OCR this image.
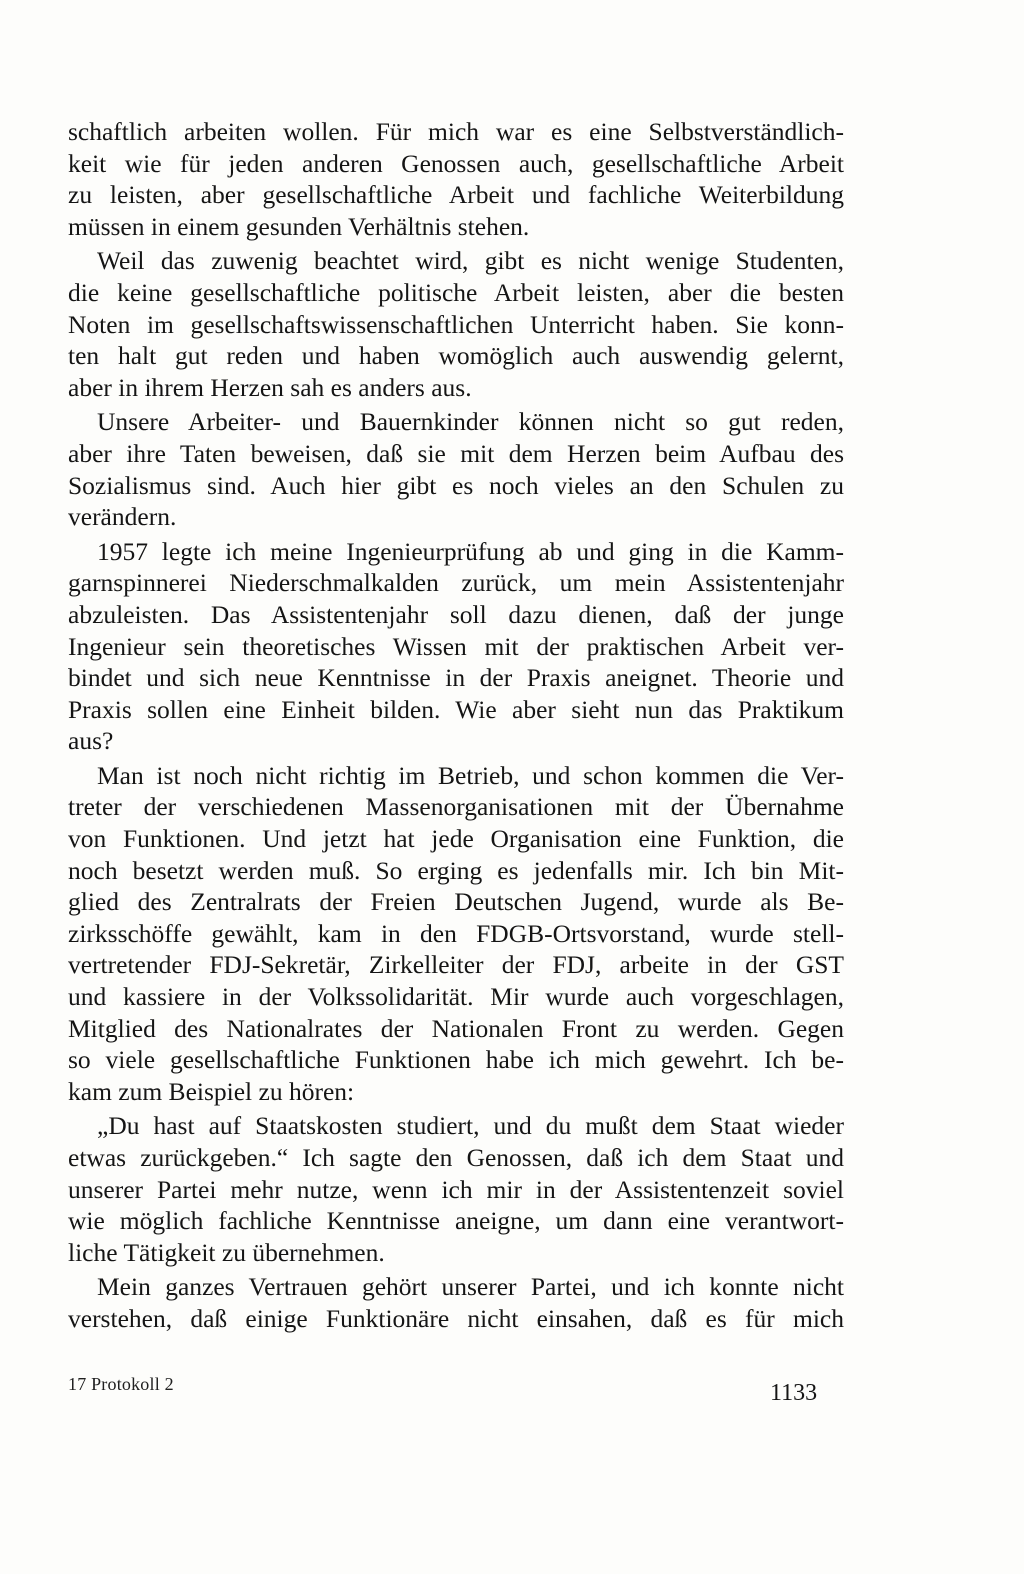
schaftlich arbeiten wollen. Für mich war es eine Selbstverständlich-
keit wie für jeden anderen Genossen auch, gesellschaftliche Arbeit
zu leisten, aber gesellschaftliche Arbeit und fachliche Weiterbildung
müssen in einem gesunden Verhältnis stehen.
Weil das zuwenig beachtet wird, gibt es nicht wenige Studenten,
die keine gesellschaftliche politische Arbeit leisten, aber die besten
Noten im gesellschaftswissenschaftlichen Unterricht haben. Sie konn-
ten halt gut reden und haben womöglich auch auswendig gelernt,
aber in ihrem Herzen sah es anders aus.
Unsere Arbeiter- und Bauernkinder können nicht so gut reden,
aber ihre Taten beweisen, daß sie mit dem Herzen beim Aufbau des
Sozialismus sind. Auch hier gibt es noch vieles an den Schulen zu
verändern.
1957 legte ich meine Ingenieurprüfung ab und ging in die Kamm-
garnspinnerei Niederschmalkalden zurück, um mein Assistentenjahr
abzuleisten. Das Assistentenjahr soll dazu dienen, daß der junge
Ingenieur sein theoretisches Wissen mit der praktischen Arbeit ver-
bindet und sich neue Kenntnisse in der Praxis aneignet. Theorie und
Praxis sollen eine Einheit bilden. Wie aber sieht nun das Praktikum
aus?
Man ist noch nicht richtig im Betrieb, und schon kommen die Ver-
treter der verschiedenen Massenorganisationen mit der Übernahme
von Funktionen. Und jetzt hat jede Organisation eine Funktion, die
noch besetzt werden muß. So erging es jedenfalls mir. Ich bin Mit-
glied des Zentralrats der Freien Deutschen Jugend, wurde als Be-
zirksschöffe gewählt, kam in den FDGB-Ortsvorstand, wurde stell-
vertretender FDJ-Sekretär, Zirkelleiter der FDJ, arbeite in der GST
und kassiere in der Volkssolidarität. Mir wurde auch vorgeschlagen,
Mitglied des Nationalrates der Nationalen Front zu werden. Gegen
so viele gesellschaftliche Funktionen habe ich mich gewehrt. Ich be-
kam zum Beispiel zu hören:
„Du hast auf Staatskosten studiert, und du mußt dem Staat wieder
etwas zurückgeben.“ Ich sagte den Genossen, daß ich dem Staat und
unserer Partei mehr nutze, wenn ich mir in der Assistentenzeit soviel
wie möglich fachliche Kenntnisse aneigne, um dann eine verantwort-
liche Tätigkeit zu übernehmen.
Mein ganzes Vertrauen gehört unserer Partei, und ich konnte nicht
verstehen, daß einige Funktionäre nicht einsahen, daß es für mich
17 Protokoll 2	1133
